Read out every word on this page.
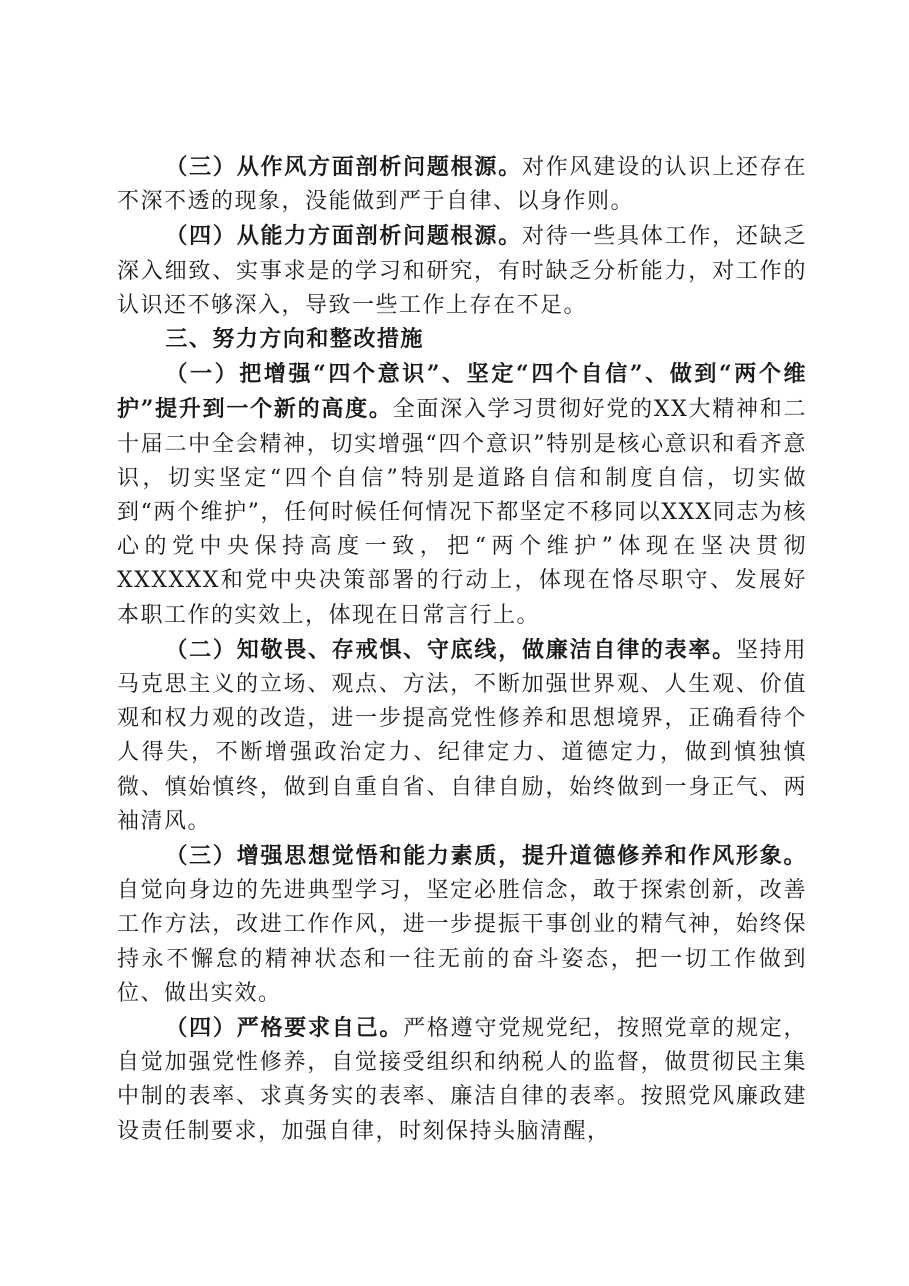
（三）从作风方面剖析问题根源。对作风建设的认识上还存在不深不透的现象，没能做到严于自律、以身作则。

（四）从能力方面剖析问题根源。对待一些具体工作，还缺乏深入细致、实事求是的学习和研究，有时缺乏分析能力，对工作的认识还不够深入，导致一些工作上存在不足。

三、努力方向和整改措施

（一）把增强“四个意识”、坚定“四个自信”、做到“两个维护”提升到一个新的高度。全面深入学习贯彻好党的XX大精神和二十届二中全会精神，切实增强“四个意识”特别是核心意识和看齐意识，切实坚定“四个自信”特别是道路自信和制度自信，切实做到“两个维护”，任何时候任何情况下都坚定不移同以XXX同志为核心的党中央保持高度一致，把“两个维护”体现在坚决贯彻XXXXXX和党中央决策部署的行动上，体现在恪尽职守、发展好本职工作的实效上，体现在日常言行上。

（二）知敬畏、存戒惧、守底线，做廉洁自律的表率。坚持用马克思主义的立场、观点、方法，不断加强世界观、人生观、价值观和权力观的改造，进一步提高党性修养和思想境界，正确看待个人得失，不断增强政治定力、纪律定力、道德定力，做到慎独慎微、慎始慎终，做到自重自省、自律自励，始终做到一身正气、两袖清风。

（三）增强思想觉悟和能力素质，提升道德修养和作风形象。自觉向身边的先进典型学习，坚定必胜信念，敢于探索创新，改善工作方法，改进工作作风，进一步提振干事创业的精气神，始终保持永不懈怠的精神状态和一往无前的奋斗姿态，把一切工作做到位、做出实效。

（四）严格要求自己。严格遵守党规党纪，按照党章的规定，自觉加强党性修养，自觉接受组织和纳税人的监督，做贯彻民主集中制的表率、求真务实的表率、廉洁自律的表率。按照党风廉政建设责任制要求，加强自律，时刻保持头脑清醒，
